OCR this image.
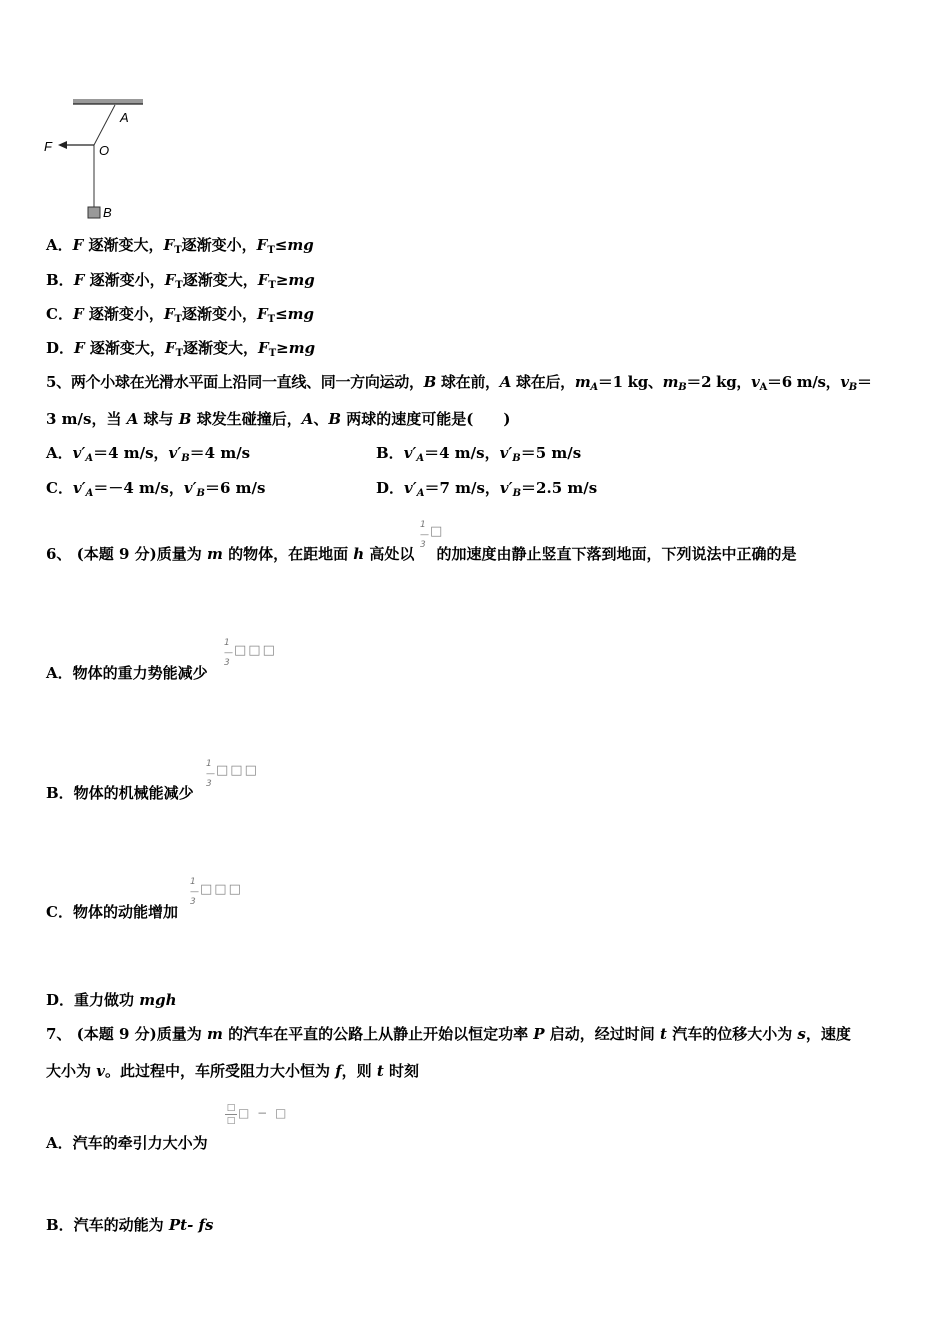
A
O
F
B
A．F 逐渐变大，$F_T$逐渐变小，$F_T\le mg$
B．F 逐渐变小，$F_T$逐渐变大，$F_T\ge mg$
C．F 逐渐变小，$F_T$逐渐变小，$F_T\le mg$
D．F 逐渐变大，$F_T$逐渐变大，$F_T\ge mg$
5、两个小球在光滑水平面上沿同一直线、同一方向运动，B 球在前，A 球在后，$m_A=1$ kg、$m_B=2$ kg，$v_A=6$ m/s，$v_B=$
3 m/s，当 A 球与 B 球发生碰撞后，A、B 两球的速度可能是(　　)
A．$v'_A=4$ m/s，$v'_B=4$ m/s	B．$v'_A=4$ m/s，$v'_B=5$ m/s
C．$v'_A=-4$ m/s，$v'_B=6$ m/s	D．$v'_A=7$ m/s，$v'_B=2.5$ m/s
6、 (本题 9 分)质量为 m 的物体，在距地面 h 高处以 的加速度由静止竖直下落到地面，下列说法中正确的是
1
—
3
□
A．物体的重力势能减少
1
—
3
□□□
B．物体的机械能减少
1
—
3
□□□
C．物体的动能增加
1
—
3
□□□
D．重力做功 mgh
7、 (本题 9 分)质量为 m 的汽车在平直的公路上从静止开始以恒定功率 P 启动，经过时间 t 汽车的位移大小为 s，速度
大小为 v。此过程中，车所受阻力大小恒为 f，则 t 时刻
A．汽车的牵引力大小为
□
□
□ − □
B．汽车的动能为 Pt- fs
